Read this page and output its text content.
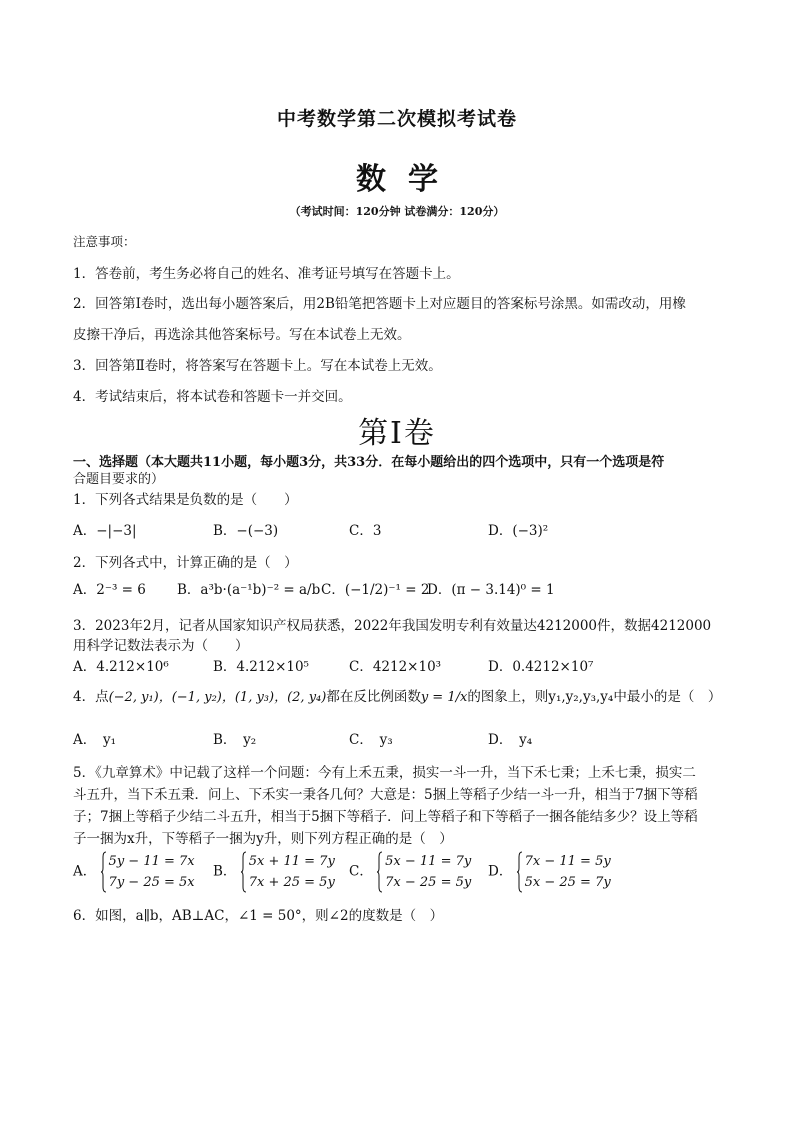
中考数学第二次模拟考试卷
数学
（考试时间：120分钟 试卷满分：120分）
注意事项：
1．答卷前，考生务必将自己的姓名、准考证号填写在答题卡上。
2．回答第Ⅰ卷时，选出每小题答案后，用2B铅笔把答题卡上对应题目的答案标号涂黑。如需改动，用橡
皮擦干净后，再选涂其他答案标号。写在本试卷上无效。
3．回答第Ⅱ卷时，将答案写在答题卡上。写在本试卷上无效。
4．考试结束后，将本试卷和答题卡一并交回。
第Ⅰ卷
一、选择题（本大题共11小题，每小题3分，共33分．在每小题给出的四个选项中，只有一个选项是符
合题目要求的）
1．下列各式结果是负数的是（　　）
A．−|−3|	B．−(−3)	C．3	D．(−3)²
2．下列各式中，计算正确的是（　）
A．2⁻³ = 6 B．a³b·(a⁻¹b)⁻² = a/b C．(−1/2)⁻¹ = 2
D．(π − 3.14)⁰ = 1
3．2023年2月，记者从国家知识产权局获悉，2022年我国发明专利有效量达4212000件，数据4212000
用科学记数法表示为（　　）
A．4.212×10⁶	B．4.212×10⁵	C．4212×10³	D．0.4212×10⁷
4．点(−2, y₁)，(−1, y₂)，(1, y₃)，(2, y₄)都在反比例函数y = 1/x的图象上，则y₁,y₂,y₃,y₄中最小的是（　）
A．　y₁	B．　y₂	C．　y₃	D．　y₄
5．《九章算术》中记载了这样一个问题：今有上禾五秉，损实一斗一升，当下禾七秉；上禾七秉，损实二
斗五升，当下禾五秉．问上、下禾实一秉各几何？大意是：5捆上等稻子少结一斗一升，相当于7捆下等稻
子；7捆上等稻子少结二斗五升，相当于5捆下等稻子．问上等稻子和下等稻子一捆各能结多少？设上等稻
子一捆为x升，下等稻子一捆为y升，则下列方程正确的是（　）
A．
5y − 11 = 7x
7y − 25 = 5x
B．
5x + 11 = 7y
7x + 25 = 5y
C．
5x − 11 = 7y
7x − 25 = 5y
D．
7x − 11 = 5y
5x − 25 = 7y
6．如图，a∥b，AB⊥AC，∠1 = 50°，则∠2的度数是（　）
